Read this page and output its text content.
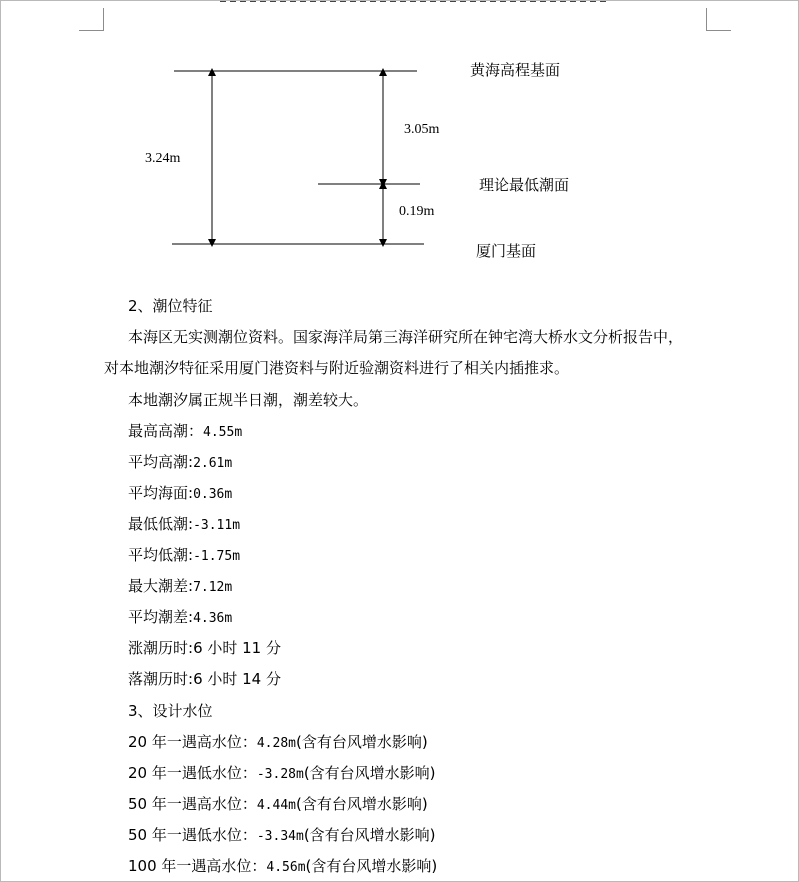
黄海高程基面
理论最低潮面
厦门基面
3.24m
3.05m
0.19m
2、潮位特征
本海区无实测潮位资料。国家海洋局第三海洋研究所在钟宅湾大桥水文分析报告中，
对本地潮汐特征采用厦门港资料与附近验潮资料进行了相关内插推求。
本地潮汐属正规半日潮，潮差较大。
最高高潮：4.55m
平均高潮:2.61m
平均海面:0.36m
最低低潮:-3.11m
平均低潮:-1.75m
最大潮差:7.12m
平均潮差:4.36m
涨潮历时:6 小时 11 分
落潮历时:6 小时 14 分
3、设计水位
20 年一遇高水位：4.28m(含有台风增水影响)
20 年一遇低水位：-3.28m(含有台风增水影响)
50 年一遇高水位：4.44m(含有台风增水影响)
50 年一遇低水位：-3.34m(含有台风增水影响)
100 年一遇高水位：4.56m(含有台风增水影响)
